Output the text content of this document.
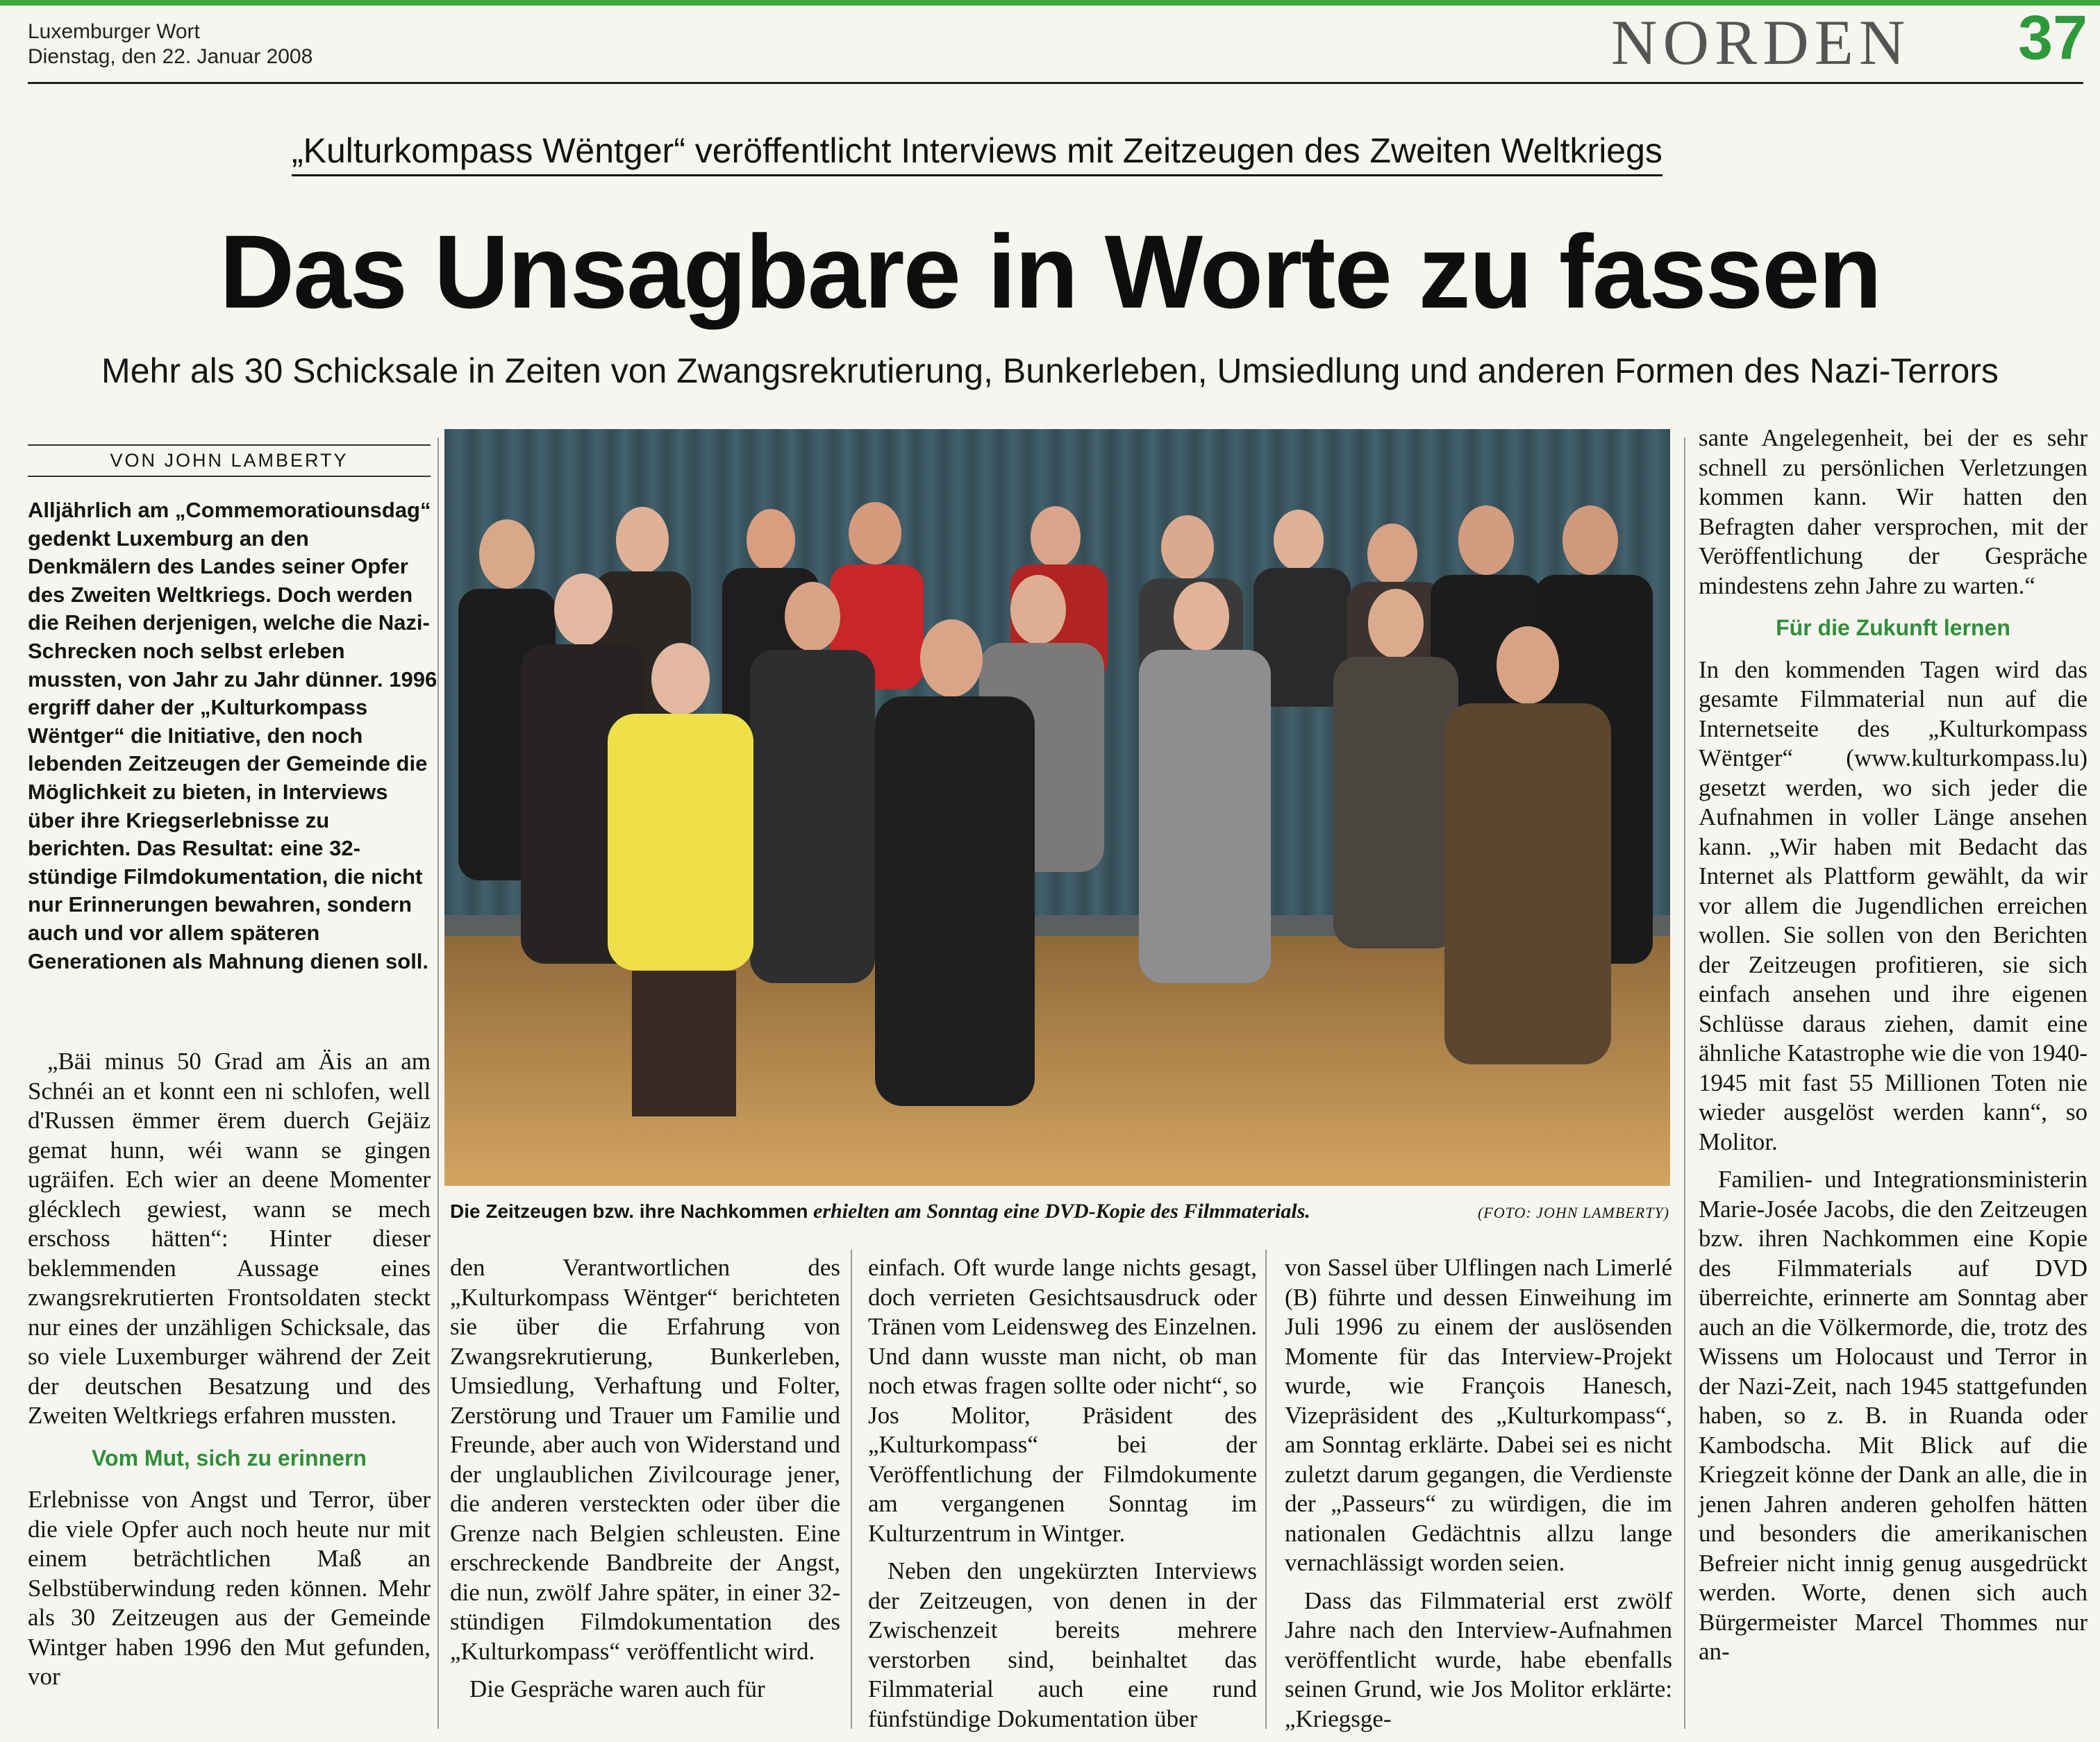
Luxemburger Wort
Dienstag, den 22. Januar 2008	NORDEN 37
„Kulturkompass Wëntger“ veröffentlicht Interviews mit Zeitzeugen des Zweiten Weltkriegs
Das Unsagbare in Worte zu fassen
Mehr als 30 Schicksale in Zeiten von Zwangsrekrutierung, Bunkerleben, Umsiedlung und anderen Formen des Nazi-Terrors
VON JOHN LAMBERTY
Alljährlich am „Commemoratiounsdag“ gedenkt Luxemburg an den Denkmälern des Landes seiner Opfer des Zweiten Weltkriegs. Doch werden die Reihen derjenigen, welche die Nazi-Schrecken noch selbst erleben mussten, von Jahr zu Jahr dünner. 1996 ergriff daher der „Kulturkompass Wëntger“ die Initiative, den noch lebenden Zeitzeugen der Gemeinde die Möglichkeit zu bieten, in Interviews über ihre Kriegserlebnisse zu berichten. Das Resultat: eine 32-stündige Filmdokumentation, die nicht nur Erinnerungen bewahren, sondern auch und vor allem späteren Generationen als Mahnung dienen soll.

„Bäi minus 50 Grad am Äis an am Schnéi an et konnt een ni schlofen, well d'Russen ëmmer ërem duerch Gejäiz gemat hunn, wéi wann se gingen ugräifen. Ech wier an deene Momenter glécklech gewiest, wann se mech erschoss hätten“: Hinter dieser beklemmenden Aussage eines zwangsrekrutierten Frontsoldaten steckt nur eines der unzähligen Schicksale, das so viele Luxemburger während der Zeit der deutschen Besatzung und des Zweiten Weltkriegs erfahren mussten.

Vom Mut, sich zu erinnern

Erlebnisse von Angst und Terror, über die viele Opfer auch noch heute nur mit einem beträchtlichen Maß an Selbstüberwindung reden können. Mehr als 30 Zeitzeugen aus der Gemeinde Wintger haben 1996 den Mut gefunden, vor

Die Zeitzeugen bzw. ihre Nachkommen erhielten am Sonntag eine DVD-Kopie des Filmmaterials.	(FOTO: JOHN LAMBERTY)

den Verantwortlichen des „Kulturkompass Wëntger“ berichteten sie über die Erfahrung von Zwangsrekrutierung, Bunkerleben, Umsiedlung, Verhaftung und Folter, Zerstörung und Trauer um Familie und Freunde, aber auch von Widerstand und der unglaublichen Zivilcourage jener, die anderen versteckten oder über die Grenze nach Belgien schleusten. Eine erschreckende Bandbreite der Angst, die nun, zwölf Jahre später, in einer 32-stündigen Filmdokumentation des „Kulturkompass“ veröffentlicht wird.

Die Gespräche waren auch für

einfach. Oft wurde lange nichts gesagt, doch verrieten Gesichtsausdruck oder Tränen vom Leidensweg des Einzelnen. Und dann wusste man nicht, ob man noch etwas fragen sollte oder nicht“, so Jos Molitor, Präsident des „Kulturkompass“ bei der Veröffentlichung der Filmdokumente am vergangenen Sonntag im Kulturzentrum in Wintger.

Neben den ungekürzten Interviews der Zeitzeugen, von denen in der Zwischenzeit bereits mehrere verstorben sind, beinhaltet das Filmmaterial auch eine rund fünfstündige Dokumentation über

von Sassel über Ulflingen nach Limerlé (B) führte und dessen Einweihung im Juli 1996 zu einem der auslösenden Momente für das Interview-Projekt wurde, wie François Hanesch, Vizepräsident des „Kulturkompass“, am Sonntag erklärte. Dabei sei es nicht zuletzt darum gegangen, die Verdienste der „Passeurs“ zu würdigen, die im nationalen Gedächtnis allzu lange vernachlässigt worden seien.

Dass das Filmmaterial erst zwölf Jahre nach den Interview-Aufnahmen veröffentlicht wurde, habe ebenfalls seinen Grund, wie Jos Molitor erklärte: „Kriegsge-

sante Angelegenheit, bei der es sehr schnell zu persönlichen Verletzungen kommen kann. Wir hatten den Befragten daher versprochen, mit der Veröffentlichung der Gespräche mindestens zehn Jahre zu warten.“

Für die Zukunft lernen

In den kommenden Tagen wird das gesamte Filmmaterial nun auf die Internetseite des „Kulturkompass Wëntger“ (www.kulturkompass.lu) gesetzt werden, wo sich jeder die Aufnahmen in voller Länge ansehen kann. „Wir haben mit Bedacht das Internet als Plattform gewählt, da wir vor allem die Jugendlichen erreichen wollen. Sie sollen von den Berichten der Zeitzeugen profitieren, sie sich einfach ansehen und ihre eigenen Schlüsse daraus ziehen, damit eine ähnliche Katastrophe wie die von 1940-1945 mit fast 55 Millionen Toten nie wieder ausgelöst werden kann“, so Molitor.

Familien- und Integrationsministerin Marie-Josée Jacobs, die den Zeitzeugen bzw. ihren Nachkommen eine Kopie des Filmmaterials auf DVD überreichte, erinnerte am Sonntag aber auch an die Völkermorde, die, trotz des Wissens um Holocaust und Terror in der Nazi-Zeit, nach 1945 stattgefunden haben, so z. B. in Ruanda oder Kambodscha. Mit Blick auf die Kriegzeit könne der Dank an alle, die in jenen Jahren anderen geholfen hätten und besonders die amerikanischen Befreier nicht innig genug ausgedrückt werden. Worte, denen sich auch Bürgermeister Marcel Thommes nur an-
